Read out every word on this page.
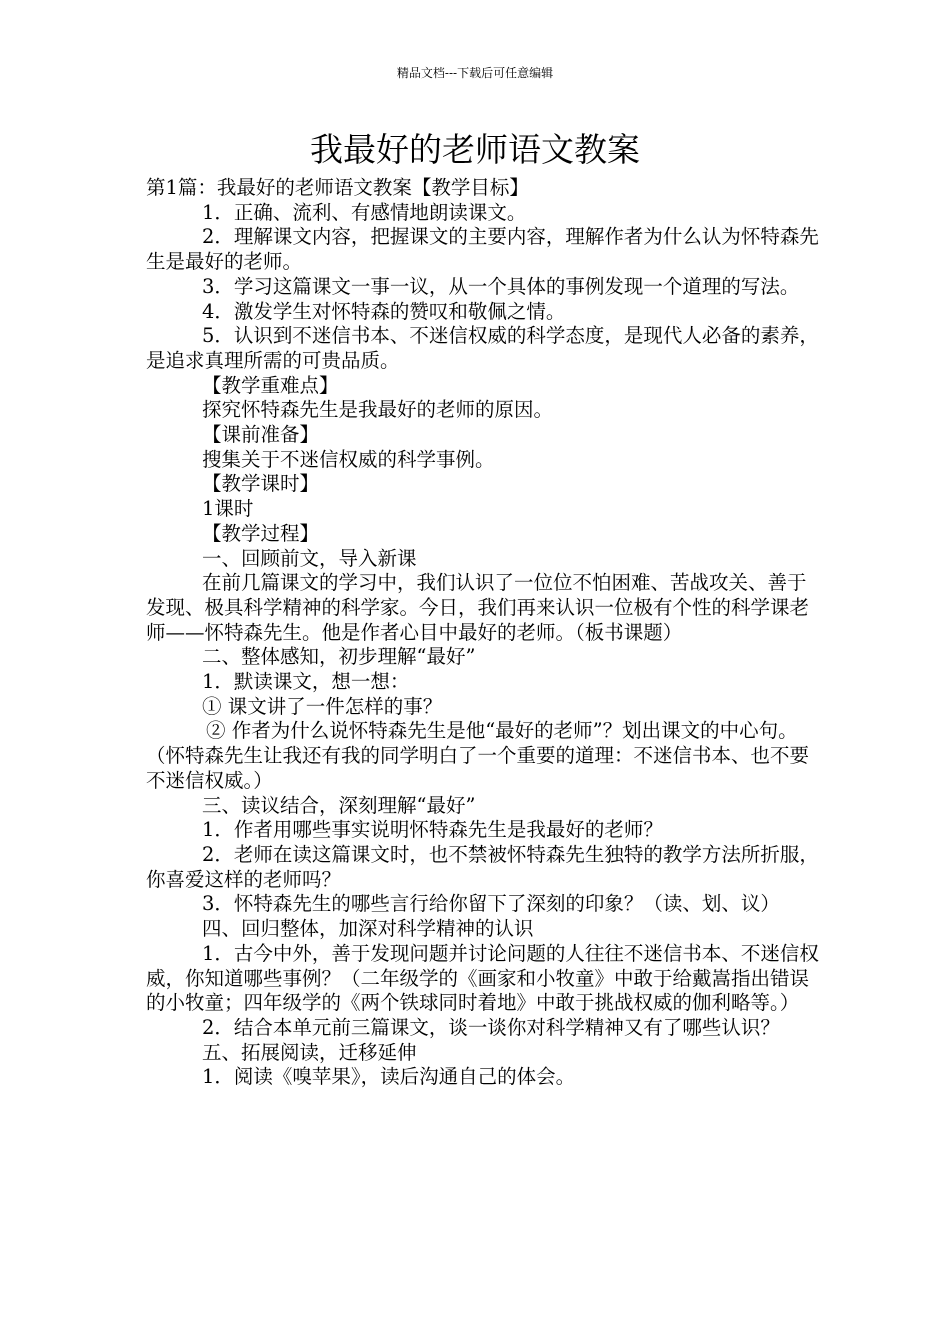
精品文档---下载后可任意编辑
我最好的老师语文教案

第1篇：我最好的老师语文教案【教学目标】

1．正确、流利、有感情地朗读课文。

2．理解课文内容，把握课文的主要内容，理解作者为什么认为怀特森先生是最好的老师。

3．学习这篇课文一事一议，从一个具体的事例发现一个道理的写法。

4．激发学生对怀特森的赞叹和敬佩之情。

5．认识到不迷信书本、不迷信权威的科学态度，是现代人必备的素养，是追求真理所需的可贵品质。

【教学重难点】

探究怀特森先生是我最好的老师的原因。

【课前准备】

搜集关于不迷信权威的科学事例。

【教学课时】

1课时

【教学过程】

一、回顾前文，导入新课

在前几篇课文的学习中，我们认识了一位位不怕困难、苦战攻关、善于发现、极具科学精神的科学家。今日，我们再来认识一位极有个性的科学课老师——怀特森先生。他是作者心目中最好的老师。（板书课题）

二、整体感知，初步理解“最好”

1．默读课文，想一想：

① 课文讲了一件怎样的事？

② 作者为什么说怀特森先生是他“最好的老师”？划出课文的中心句。（怀特森先生让我还有我的同学明白了一个重要的道理：不迷信书本、也不要不迷信权威。）

三、读议结合，深刻理解“最好”

1．作者用哪些事实说明怀特森先生是我最好的老师？

2．老师在读这篇课文时，也不禁被怀特森先生独特的教学方法所折服，你喜爱这样的老师吗？

3．怀特森先生的哪些言行给你留下了深刻的印象？（读、划、议）

四、回归整体，加深对科学精神的认识

1．古今中外，善于发现问题并讨论问题的人往往不迷信书本、不迷信权威，你知道哪些事例？（二年级学的《画家和小牧童》中敢于给戴嵩指出错误的小牧童；四年级学的《两个铁球同时着地》中敢于挑战权威的伽利略等。）

2．结合本单元前三篇课文，谈一谈你对科学精神又有了哪些认识？

五、拓展阅读，迁移延伸

1．阅读《嗅苹果》，读后沟通自己的体会。
